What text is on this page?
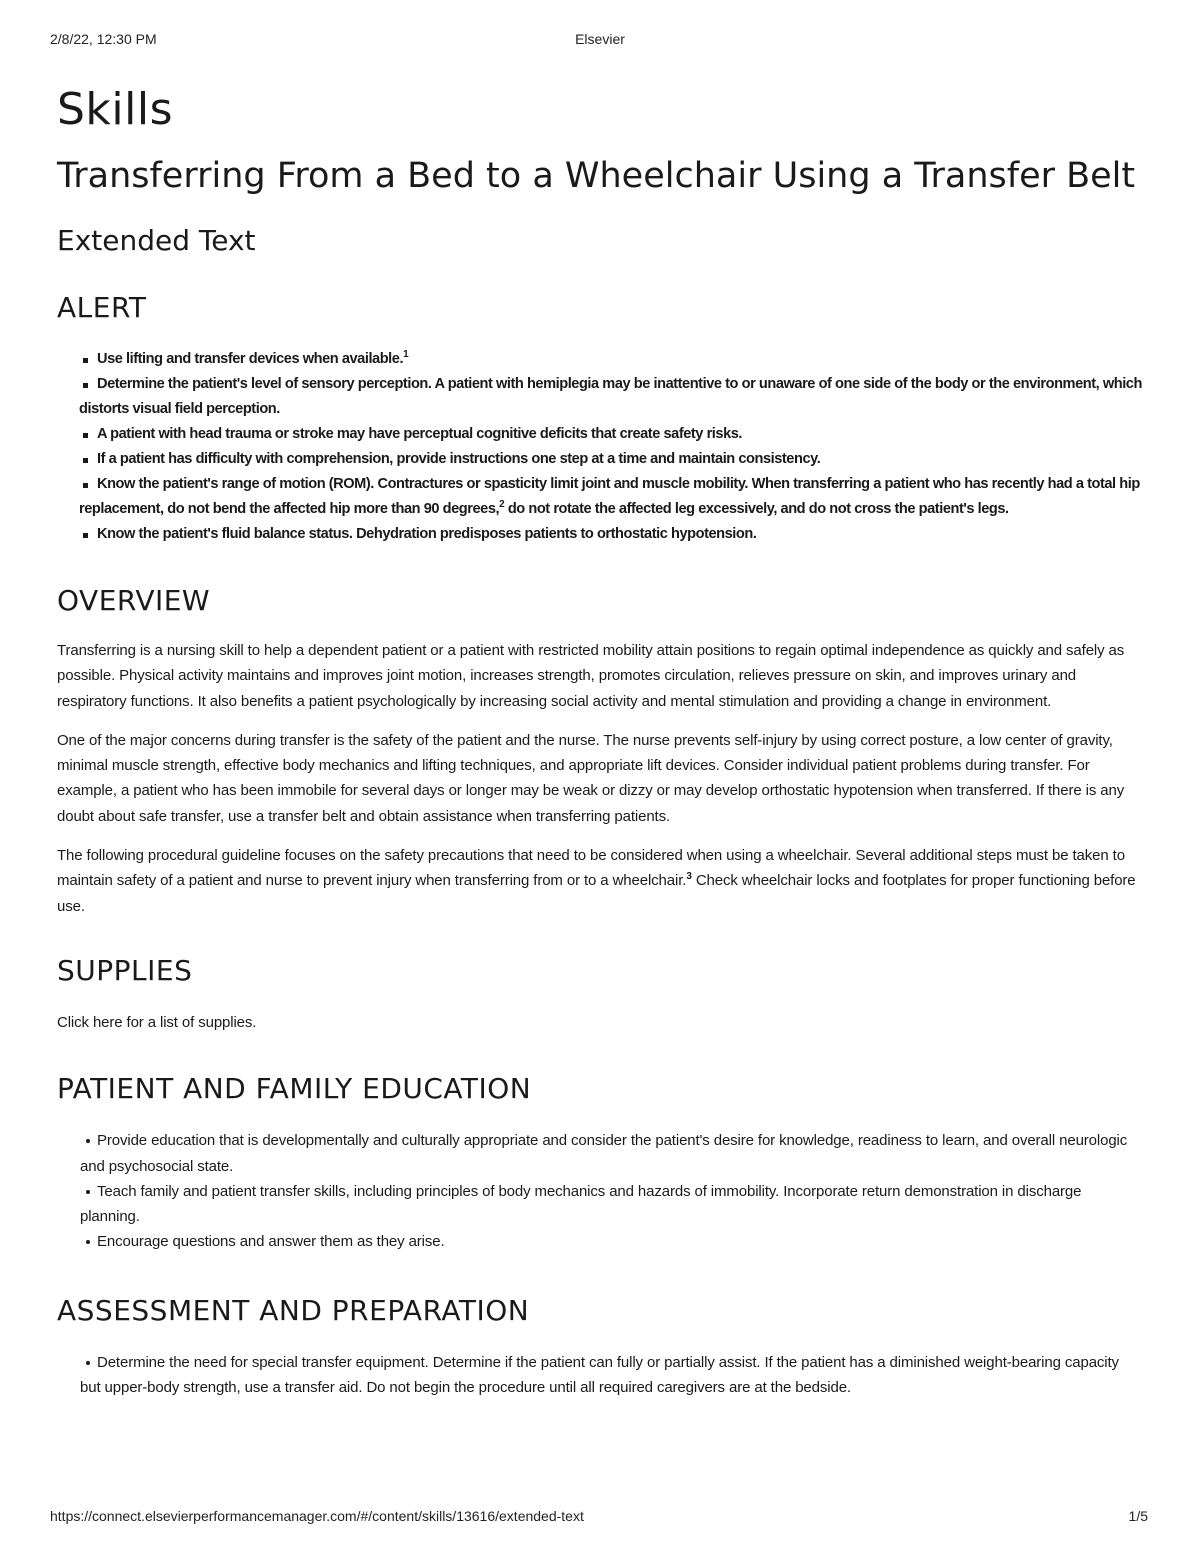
2/8/22, 12:30 PM	Elsevier
Skills
Transferring From a Bed to a Wheelchair Using a Transfer Belt
Extended Text
ALERT
Use lifting and transfer devices when available.$^1$
Determine the patient's level of sensory perception. A patient with hemiplegia may be inattentive to or unaware of one side of the body or the environment, which distorts visual field perception.
A patient with head trauma or stroke may have perceptual cognitive deficits that create safety risks.
If a patient has difficulty with comprehension, provide instructions one step at a time and maintain consistency.
Know the patient's range of motion (ROM). Contractures or spasticity limit joint and muscle mobility. When transferring a patient who has recently had a total hip replacement, do not bend the affected hip more than 90 degrees,$^2$ do not rotate the affected leg excessively, and do not cross the patient's legs.
Know the patient's fluid balance status. Dehydration predisposes patients to orthostatic hypotension.
OVERVIEW

Transferring is a nursing skill to help a dependent patient or a patient with restricted mobility attain positions to regain optimal independence as quickly and safely as possible. Physical activity maintains and improves joint motion, increases strength, promotes circulation, relieves pressure on skin, and improves urinary and respiratory functions. It also benefits a patient psychologically by increasing social activity and mental stimulation and providing a change in environment.

One of the major concerns during transfer is the safety of the patient and the nurse. The nurse prevents self-injury by using correct posture, a low center of gravity, minimal muscle strength, effective body mechanics and lifting techniques, and appropriate lift devices. Consider individual patient problems during transfer. For example, a patient who has been immobile for several days or longer may be weak or dizzy or may develop orthostatic hypotension when transferred. If there is any doubt about safe transfer, use a transfer belt and obtain assistance when transferring patients.

The following procedural guideline focuses on the safety precautions that need to be considered when using a wheelchair. Several additional steps must be taken to maintain safety of a patient and nurse to prevent injury when transferring from or to a wheelchair.$^3$ Check wheelchair locks and footplates for proper functioning before use.

SUPPLIES

Click here for a list of supplies.

PATIENT AND FAMILY EDUCATION
Provide education that is developmentally and culturally appropriate and consider the patient's desire for knowledge, readiness to learn, and overall neurologic and psychosocial state.
Teach family and patient transfer skills, including principles of body mechanics and hazards of immobility. Incorporate return demonstration in discharge planning.
Encourage questions and answer them as they arise.
ASSESSMENT AND PREPARATION
Determine the need for special transfer equipment. Determine if the patient can fully or partially assist. If the patient has a diminished weight-bearing capacity but upper-body strength, use a transfer aid. Do not begin the procedure until all required caregivers are at the bedside.
https://connect.elsevierperformancemanager.com/#/content/skills/13616/extended-text	1/5
